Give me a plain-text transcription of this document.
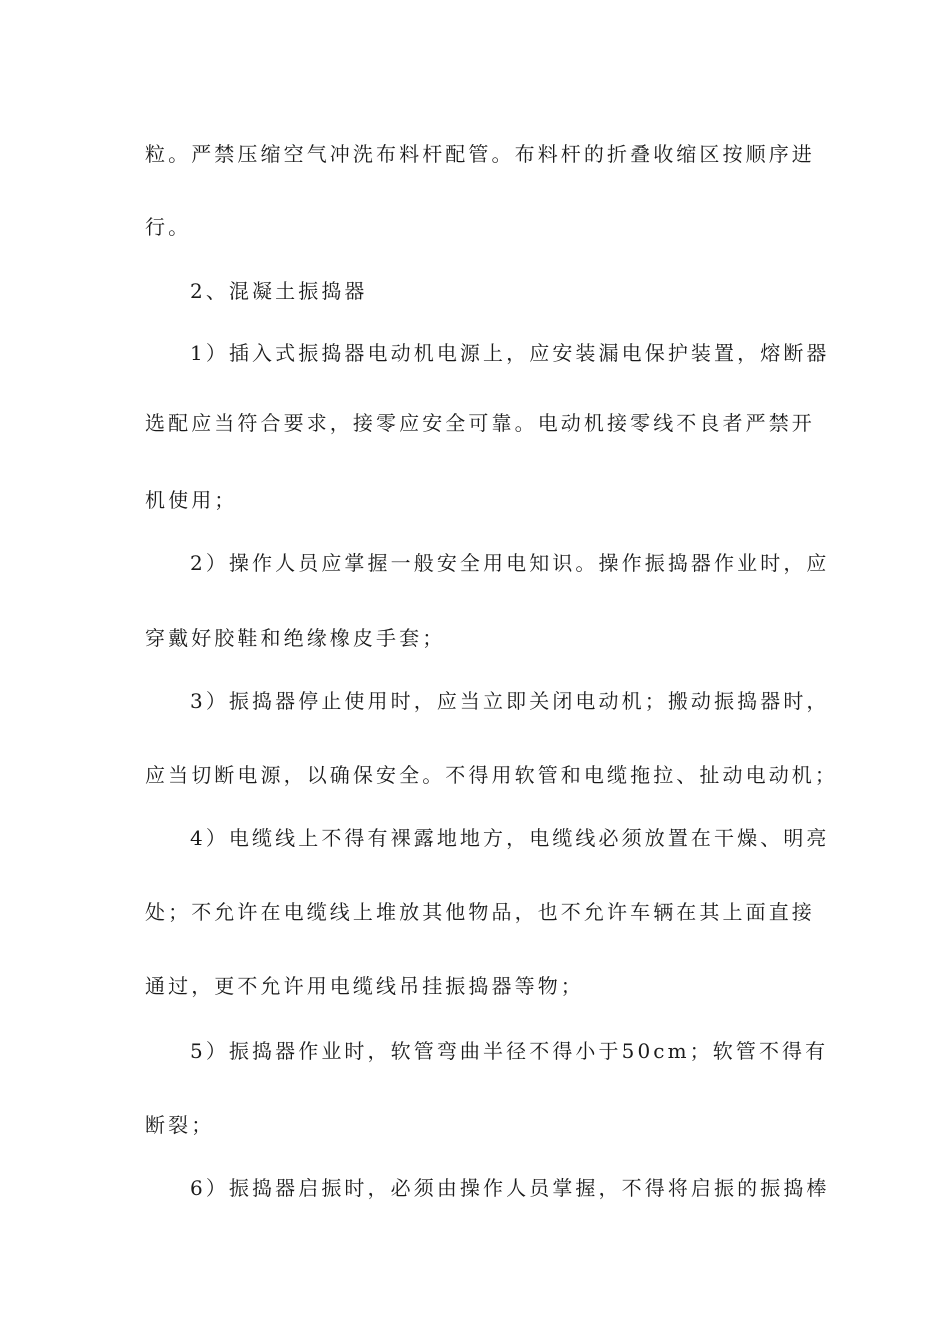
粒。严禁压缩空气冲洗布料杆配管。布料杆的折叠收缩区按顺序进
行。
2、混凝土振捣器
1）插入式振捣器电动机电源上，应安装漏电保护装置，熔断器
选配应当符合要求，接零应安全可靠。电动机接零线不良者严禁开
机使用；
2）操作人员应掌握一般安全用电知识。操作振捣器作业时，应
穿戴好胶鞋和绝缘橡皮手套；
3）振捣器停止使用时，应当立即关闭电动机；搬动振捣器时，
应当切断电源，以确保安全。不得用软管和电缆拖拉、扯动电动机；
4）电缆线上不得有裸露地地方，电缆线必须放置在干燥、明亮
处；不允许在电缆线上堆放其他物品，也不允许车辆在其上面直接
通过，更不允许用电缆线吊挂振捣器等物；
5）振捣器作业时，软管弯曲半径不得小于50cm；软管不得有
断裂；
6）振捣器启振时，必须由操作人员掌握，不得将启振的振捣棒
